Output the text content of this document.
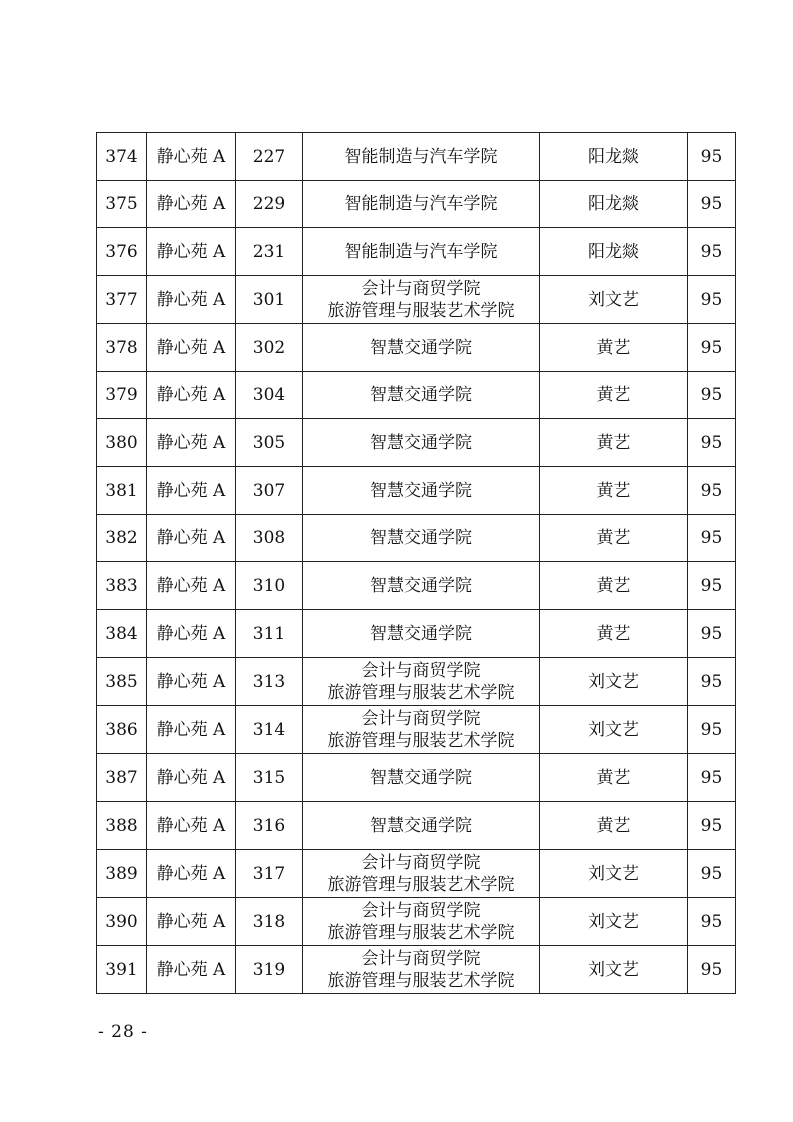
374	静心苑 A	227	智能制造与汽车学院	阳龙燚	95
375	静心苑 A	229	智能制造与汽车学院	阳龙燚	95
376	静心苑 A	231	智能制造与汽车学院	阳龙燚	95
377	静心苑 A	301	会计与商贸学院
旅游管理与服装艺术学院	刘文艺	95
378	静心苑 A	302	智慧交通学院	黄艺	95
379	静心苑 A	304	智慧交通学院	黄艺	95
380	静心苑 A	305	智慧交通学院	黄艺	95
381	静心苑 A	307	智慧交通学院	黄艺	95
382	静心苑 A	308	智慧交通学院	黄艺	95
383	静心苑 A	310	智慧交通学院	黄艺	95
384	静心苑 A	311	智慧交通学院	黄艺	95
385	静心苑 A	313	会计与商贸学院
旅游管理与服装艺术学院	刘文艺	95
386	静心苑 A	314	会计与商贸学院
旅游管理与服装艺术学院	刘文艺	95
387	静心苑 A	315	智慧交通学院	黄艺	95
388	静心苑 A	316	智慧交通学院	黄艺	95
389	静心苑 A	317	会计与商贸学院
旅游管理与服装艺术学院	刘文艺	95
390	静心苑 A	318	会计与商贸学院
旅游管理与服装艺术学院	刘文艺	95
391	静心苑 A	319	会计与商贸学院
旅游管理与服装艺术学院	刘文艺	95
- 28 -
